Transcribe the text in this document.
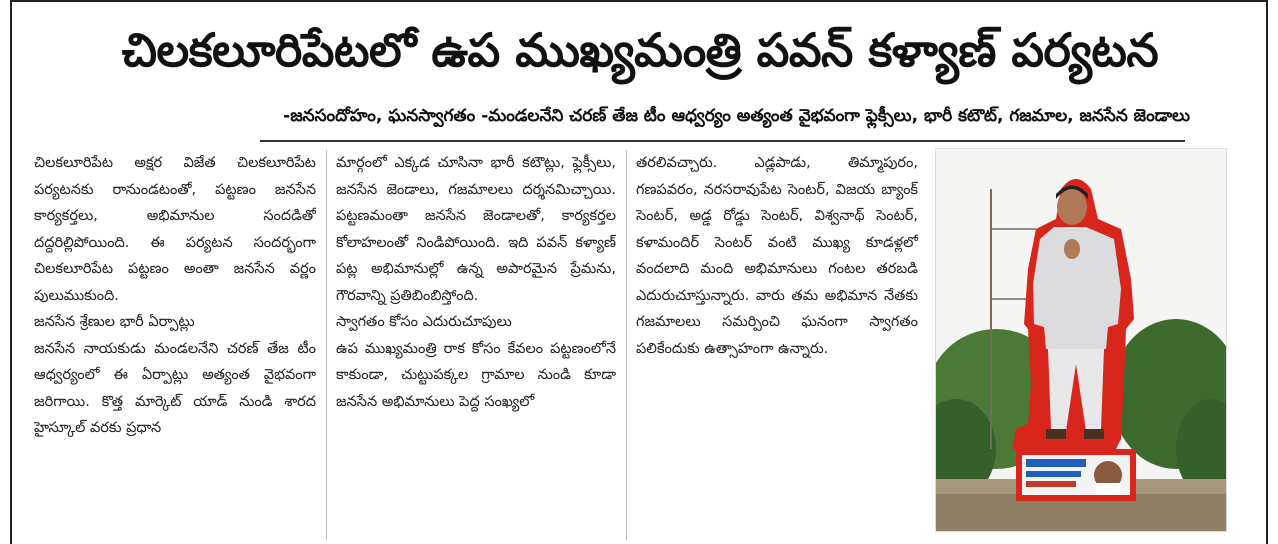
చిలకలూరిపేటలో ఉప ముఖ్యమంత్రి పవన్ కళ్యాణ్ పర్యటన
-జనసందోహం, ఘనస్వాగతం -మండలనేని చరణ్ తేజ టీం ఆధ్వర్యం అత్యంత వైభవంగా ఫ్లెక్సీలు, భారీ కటౌట్, గజమాల, జనసేన జెండాలు

చిలకలూరిపేట అక్షర విజేత చిలకలూరిపేట పర్యటనకు రానుండటంతో, పట్టణం జనసేన కార్యకర్తలు, అభిమానుల సందడితో దద్దరిల్లిపోయింది. ఈ పర్యటన సందర్భంగా చిలకలూరిపేట పట్టణం అంతా జనసేన వర్ణం పులుముకుంది.

జనసేన శ్రేణుల భారీ ఏర్పాట్లు

జనసేన నాయకుడు మండలనేని చరణ్ తేజ టీం ఆధ్వర్యంలో ఈ ఏర్పాట్లు అత్యంత వైభవంగా జరిగాయి. కొత్త మార్కెట్ యాడ్ నుండి శారద హైస్కూల్ వరకు ప్రధాన

మార్గంలో ఎక్కడ చూసినా భారీ కటౌట్లు, ఫ్లెక్సీలు, జనసేన జెండాలు, గజమాలలు దర్శనమిచ్చాయి. పట్టణమంతా జనసేన జెండాలతో, కార్యకర్తల కోలాహలంతో నిండిపోయింది. ఇది పవన్ కళ్యాణ్ పట్ల అభిమానుల్లో ఉన్న అపారమైన ప్రేమను, గౌరవాన్ని ప్రతిబింబిస్తోంది.

స్వాగతం కోసం ఎదురుచూపులు

ఉప ముఖ్యమంత్రి రాక కోసం కేవలం పట్టణంలోనే కాకుండా, చుట్టుపక్కల గ్రామాల నుండి కూడా జనసేన అభిమానులు పెద్ద సంఖ్యలో

తరలివచ్చారు. ఎడ్లపాడు, తిమ్మాపురం, గణపవరం, నరసరావుపేట సెంటర్, విజయ బ్యాంక్ సెంటర్, అడ్డ రోడ్డు సెంటర్, విశ్వనాథ్ సెంటర్, కళామందిర్ సెంటర్ వంటి ముఖ్య కూడళ్లలో వందలాది మంది అభిమానులు గంటల తరబడి ఎదురుచూస్తున్నారు. వారు తమ అభిమాన నేతకు గజమాలలు సమర్పించి ఘనంగా స్వాగతం పలికేందుకు ఉత్సాహంగా ఉన్నారు.
